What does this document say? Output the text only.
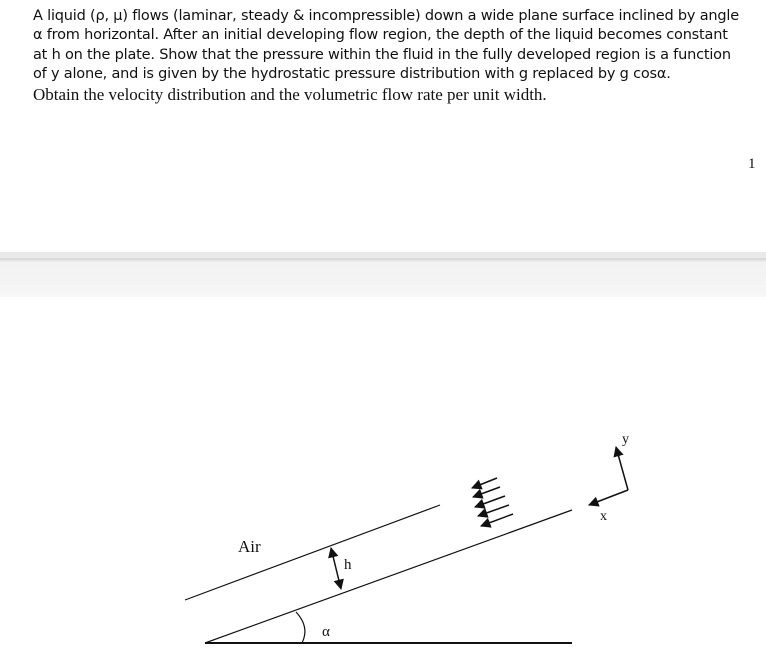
A liquid (ρ, μ) flows (laminar, steady & incompressible) down a wide plane surface inclined by angle
α from horizontal. After an initial developing flow region, the depth of the liquid becomes constant
at h on the plate. Show that the pressure within the fluid in the fully developed region is a function
of y alone, and is given by the hydrostatic pressure distribution with g replaced by g cosα.
Obtain the velocity distribution and the volumetric flow rate per unit width.

1
Air
h
α
x
y
